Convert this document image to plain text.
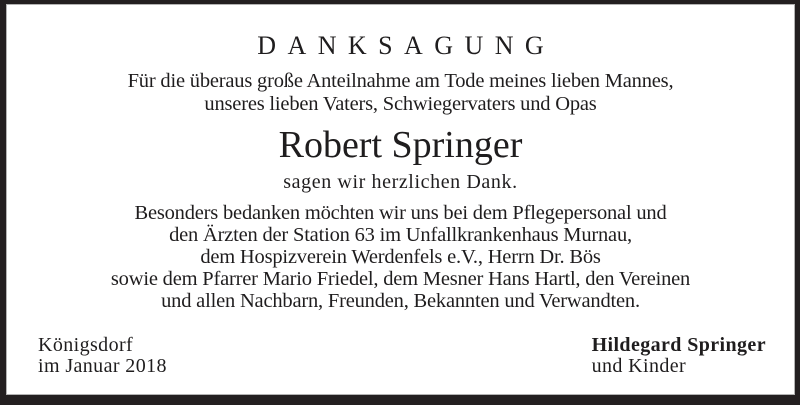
DANKSAGUNG
Für die überaus große Anteilnahme am Tode meines lieben Mannes,
unseres lieben Vaters, Schwiegervaters und Opas
Robert Springer
sagen wir herzlichen Dank.
Besonders bedanken möchten wir uns bei dem Pflegepersonal und
den Ärzten der Station 63 im Unfallkrankenhaus Murnau,
dem Hospizverein Werdenfels e.V., Herrn Dr. Bös
sowie dem Pfarrer Mario Friedel, dem Mesner Hans Hartl, den Vereinen
und allen Nachbarn, Freunden, Bekannten und Verwandten.
Königsdorf
im Januar 2018
Hildegard Springer
und Kinder
